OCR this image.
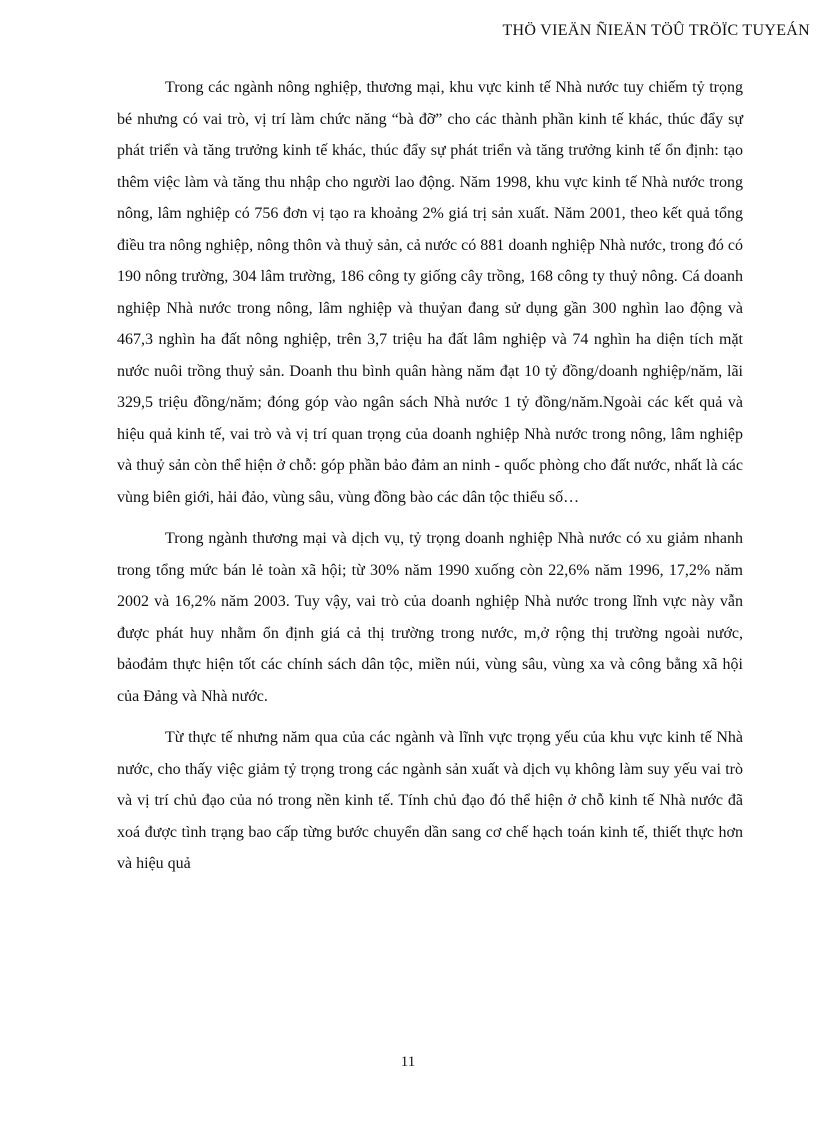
THÖ VIEÄN ÑIEÄN TÖÛ TRÖÏC TUYEÁN

Trong các ngành nông nghiệp, thương mại, khu vực kinh tế Nhà nước tuy chiếm tỷ trọng bé nhưng có vai trò, vị trí làm chức năng “bà đỡ” cho các thành phần kinh tế khác, thúc đẩy sự phát triển và tăng trưởng kinh tế khác, thúc đẩy sự phát triển và tăng trưởng kinh tế ổn định: tạo thêm việc làm và tăng thu nhập cho người lao động. Năm 1998, khu vực kinh tế Nhà nước trong nông, lâm nghiệp có 756 đơn vị tạo ra khoảng 2% giá trị sản xuất. Năm 2001, theo kết quả tổng điều tra nông nghiệp, nông thôn và thuỷ sản, cả nước có 881 doanh nghiệp Nhà nước, trong đó có 190 nông trường, 304 lâm trường, 186 công ty giống cây trồng, 168 công ty thuỷ nông. Cá doanh nghiệp Nhà nước trong nông, lâm nghiệp và thuỷan đang sử dụng gần 300 nghìn lao động và 467,3 nghìn ha đất nông nghiệp, trên 3,7 triệu ha đất lâm nghiệp và 74 nghìn ha diện tích mặt nước nuôi trồng thuỷ sản. Doanh thu bình quân hàng năm đạt 10 tỷ đồng/doanh nghiệp/năm, lãi 329,5 triệu đồng/năm; đóng góp vào ngân sách Nhà nước 1 tỷ đồng/năm.Ngoài các kết quả và hiệu quả kinh tế, vai trò và vị trí quan trọng của doanh nghiệp Nhà nước trong nông, lâm nghiệp và thuỷ sản còn thể hiện ở chỗ: góp phần bảo đảm an ninh - quốc phòng cho đất nước, nhất là các vùng biên giới, hải đảo, vùng sâu, vùng đồng bào các dân tộc thiểu số…

Trong ngành thương mại và dịch vụ, tỷ trọng doanh nghiệp Nhà nước có xu giảm nhanh trong tổng mức bán lẻ toàn xã hội; từ 30% năm 1990 xuống còn 22,6% năm 1996, 17,2% năm 2002 và 16,2% năm 2003. Tuy vậy, vai trò của doanh nghiệp Nhà nước trong lĩnh vực này vẫn được phát huy nhằm ổn định giá cả thị trường trong nước, m,ở rộng thị trường ngoài nước, bảođảm thực hiện tốt các chính sách dân tộc, miền núi, vùng sâu, vùng xa và công bằng xã hội của Đảng và Nhà nước.

Từ thực tế nhưng năm qua của các ngành và lĩnh vực trọng yếu của khu vực kinh tế Nhà nước, cho thấy việc giảm tỷ trọng trong các ngành sản xuất và dịch vụ không làm suy yếu vai trò và vị trí chủ đạo của nó trong nền kinh tế. Tính chủ đạo đó thể hiện ở chỗ kinh tế Nhà nước đã xoá được tình trạng bao cấp từng bước chuyển dần sang cơ chế hạch toán kinh tế, thiết thực hơn và hiệu quả

11
